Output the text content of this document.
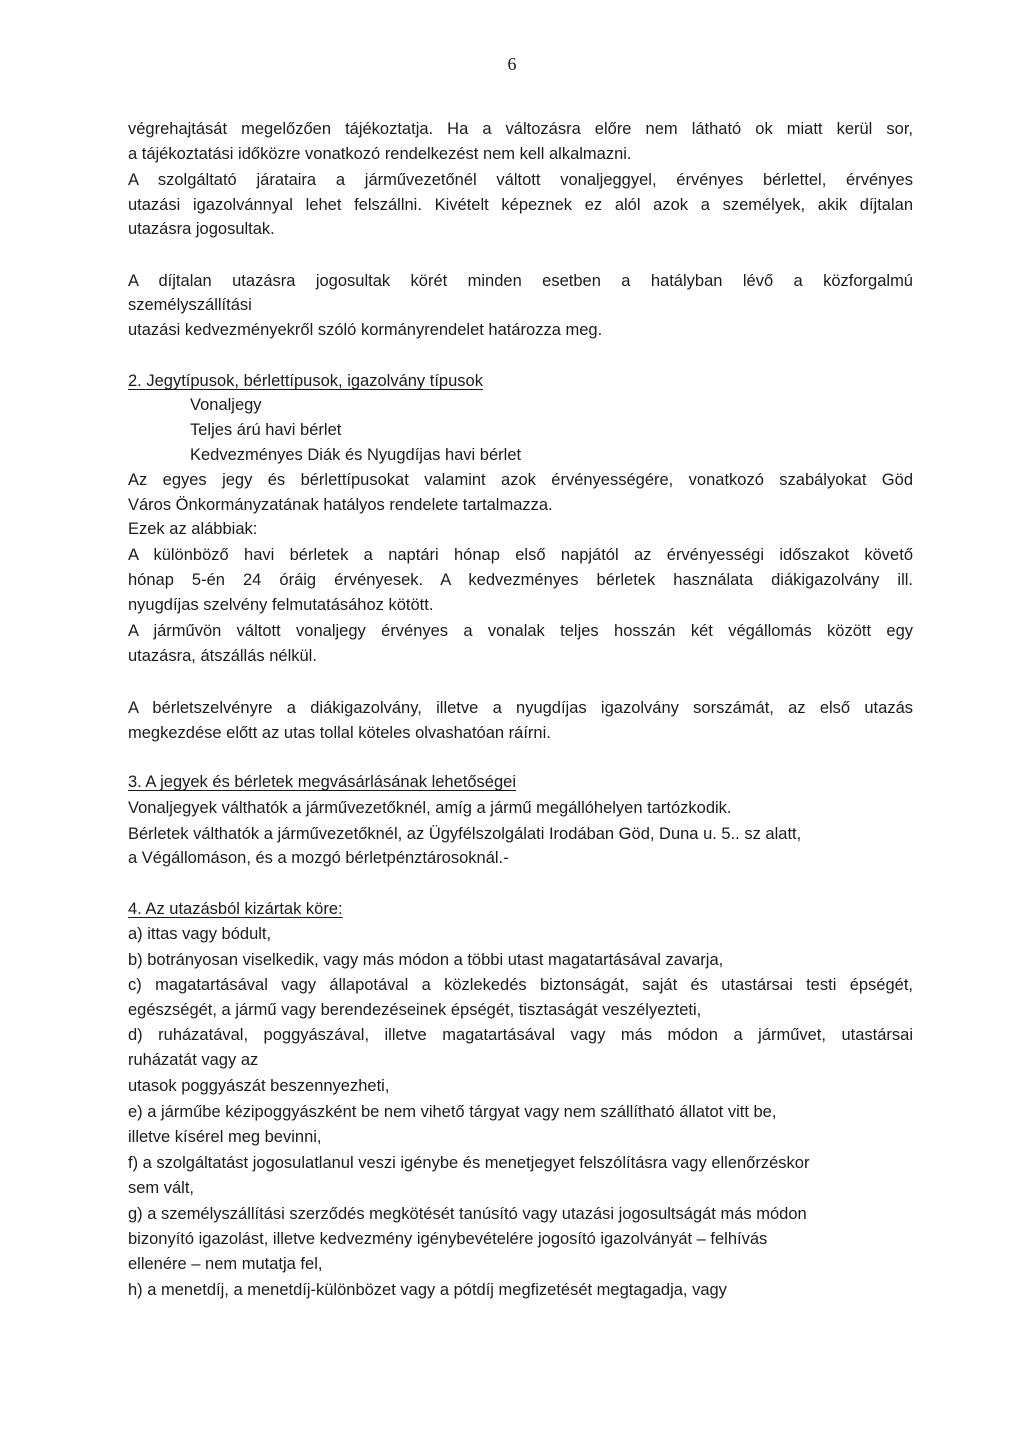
6
végrehajtását megelőzően tájékoztatja. Ha a változásra előre nem látható ok miatt kerül sor,
a tájékoztatási időközre vonatkozó rendelkezést nem kell alkalmazni.
A szolgáltató járataira a járművezetőnél váltott vonaljeggyel, érvényes bérlettel, érvényes
utazási igazolvánnyal lehet felszállni. Kivételt képeznek ez alól azok a személyek, akik díjtalan
utazásra jogosultak.
A díjtalan utazásra jogosultak körét minden esetben a hatályban lévő a közforgalmú
személyszállítási
utazási kedvezményekről szóló kormányrendelet határozza meg.
2. Jegytípusok, bérlettípusok, igazolvány típusok
Vonaljegy
Teljes árú havi bérlet
Kedvezményes Diák és Nyugdíjas havi bérlet
Az egyes jegy és bérlettípusokat valamint azok érvényességére, vonatkozó szabályokat Göd
Város Önkormányzatának hatályos rendelete tartalmazza.
Ezek az alábbiak:
A különböző havi bérletek a naptári hónap első napjától az érvényességi időszakot követő
hónap 5-én 24 óráig érvényesek. A kedvezményes bérletek használata diákigazolvány ill.
nyugdíjas szelvény felmutatásához kötött.
A járművön váltott vonaljegy érvényes a vonalak teljes hosszán két végállomás között egy
utazásra, átszállás nélkül.
A bérletszelvényre a diákigazolvány, illetve a nyugdíjas igazolvány sorszámát, az első utazás
megkezdése előtt az utas tollal köteles olvashatóan ráírni.
3. A jegyek és bérletek megvásárlásának lehetőségei
Vonaljegyek válthatók a járművezetőknél, amíg a jármű megállóhelyen tartózkodik.
Bérletek válthatók a járművezetőknél, az Ügyfélszolgálati Irodában Göd, Duna u. 5.. sz alatt,
a Végállomáson, és a mozgó bérletpénztárosoknál.-
4. Az utazásból kizártak köre:
a) ittas vagy bódult,
b) botrányosan viselkedik, vagy más módon a többi utast magatartásával zavarja,
c) magatartásával vagy állapotával a közlekedés biztonságát, saját és utastársai testi épségét,
egészségét, a jármű vagy berendezéseinek épségét, tisztaságát veszélyezteti,
d) ruházatával, poggyászával, illetve magatartásával vagy más módon a járművet, utastársai
ruházatát vagy az
utasok poggyászát beszennyezheti,
e) a járműbe kézipoggyászként be nem vihető tárgyat vagy nem szállítható állatot vitt be,
illetve kísérel meg bevinni,
f) a szolgáltatást jogosulatlanul veszi igénybe és menetjegyet felszólításra vagy ellenőrzéskor
sem vált,
g) a személyszállítási szerződés megkötését tanúsító vagy utazási jogosultságát más módon
bizonyító igazolást, illetve kedvezmény igénybevételére jogosító igazolványát – felhívás
ellenére – nem mutatja fel,
h) a menetdíj, a menetdíj-különbözet vagy a pótdíj megfizetését megtagadja, vagy
